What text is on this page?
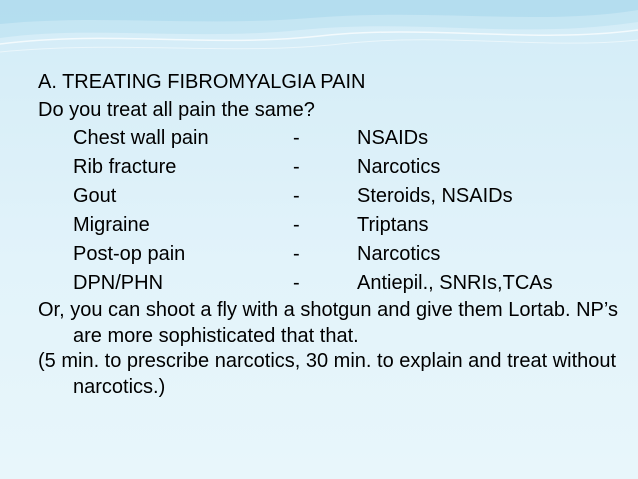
A. TREATING FIBROMYALGIA PAIN
Do you treat all pain the same?
Chest wall pain	-	NSAIDs
Rib fracture	-	Narcotics
Gout	-	Steroids, NSAIDs
Migraine	-	Triptans
Post-op pain	-	Narcotics
DPN/PHN	-	Antiepil., SNRIs,TCAs
Or, you can shoot a fly with a shotgun and give them Lortab. NP’s are more sophisticated that that.
(5 min. to prescribe narcotics, 30 min. to explain and treat without narcotics.)
